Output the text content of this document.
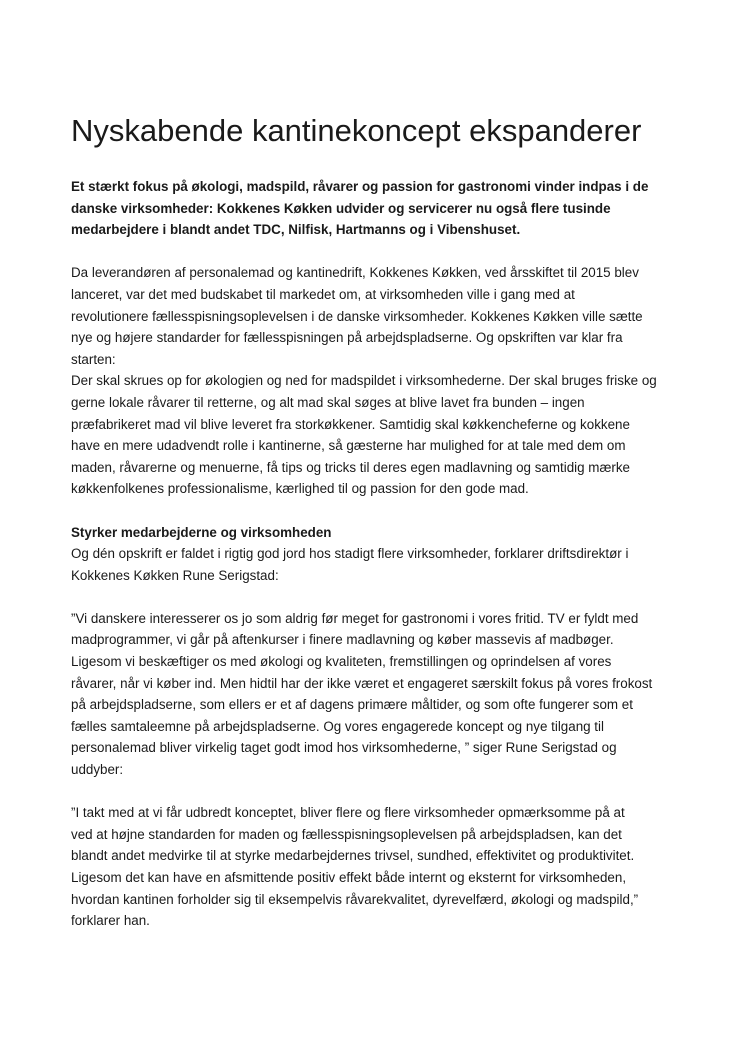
Nyskabende kantinekoncept ekspanderer

Et stærkt fokus på økologi, madspild, råvarer og passion for gastronomi vinder indpas i de
danske virksomheder: Kokkenes Køkken udvider og servicerer nu også flere tusinde
medarbejdere i blandt andet TDC, Nilfisk, Hartmanns og i Vibenshuset.

Da leverandøren af personalemad og kantinedrift, Kokkenes Køkken, ved årsskiftet til 2015 blev
lanceret, var det med budskabet til markedet om, at virksomheden ville i gang med at
revolutionere fællesspisningsoplevelsen i de danske virksomheder. Kokkenes Køkken ville sætte
nye og højere standarder for fællesspisningen på arbejdspladserne. Og opskriften var klar fra
starten:

Der skal skrues op for økologien og ned for madspildet i virksomhederne. Der skal bruges friske og
gerne lokale råvarer til retterne, og alt mad skal søges at blive lavet fra bunden – ingen
præfabrikeret mad vil blive leveret fra storkøkkener. Samtidig skal køkkencheferne og kokkene
have en mere udadvendt rolle i kantinerne, så gæsterne har mulighed for at tale med dem om
maden, råvarerne og menuerne, få tips og tricks til deres egen madlavning og samtidig mærke
køkkenfolkenes professionalisme, kærlighed til og passion for den gode mad.

Styrker medarbejderne og virksomheden

Og dén opskrift er faldet i rigtig god jord hos stadigt flere virksomheder, forklarer driftsdirektør i
Kokkenes Køkken Rune Serigstad:

”Vi danskere interesserer os jo som aldrig før meget for gastronomi i vores fritid. TV er fyldt med
madprogrammer, vi går på aftenkurser i finere madlavning og køber massevis af madbøger.
Ligesom vi beskæftiger os med økologi og kvaliteten, fremstillingen og oprindelsen af vores
råvarer, når vi køber ind. Men hidtil har der ikke været et engageret særskilt fokus på vores frokost
på arbejdspladserne, som ellers er et af dagens primære måltider, og som ofte fungerer som et
fælles samtaleemne på arbejdspladserne. Og vores engagerede koncept og nye tilgang til
personalemad bliver virkelig taget godt imod hos virksomhederne, ” siger Rune Serigstad og
uddyber:

”I takt med at vi får udbredt konceptet, bliver flere og flere virksomheder opmærksomme på at
ved at højne standarden for maden og fællesspisningsoplevelsen på arbejdspladsen, kan det
blandt andet medvirke til at styrke medarbejdernes trivsel, sundhed, effektivitet og produktivitet.
Ligesom det kan have en afsmittende positiv effekt både internt og eksternt for virksomheden,
hvordan kantinen forholder sig til eksempelvis råvarekvalitet, dyrevelfærd, økologi og madspild,”
forklarer han.
